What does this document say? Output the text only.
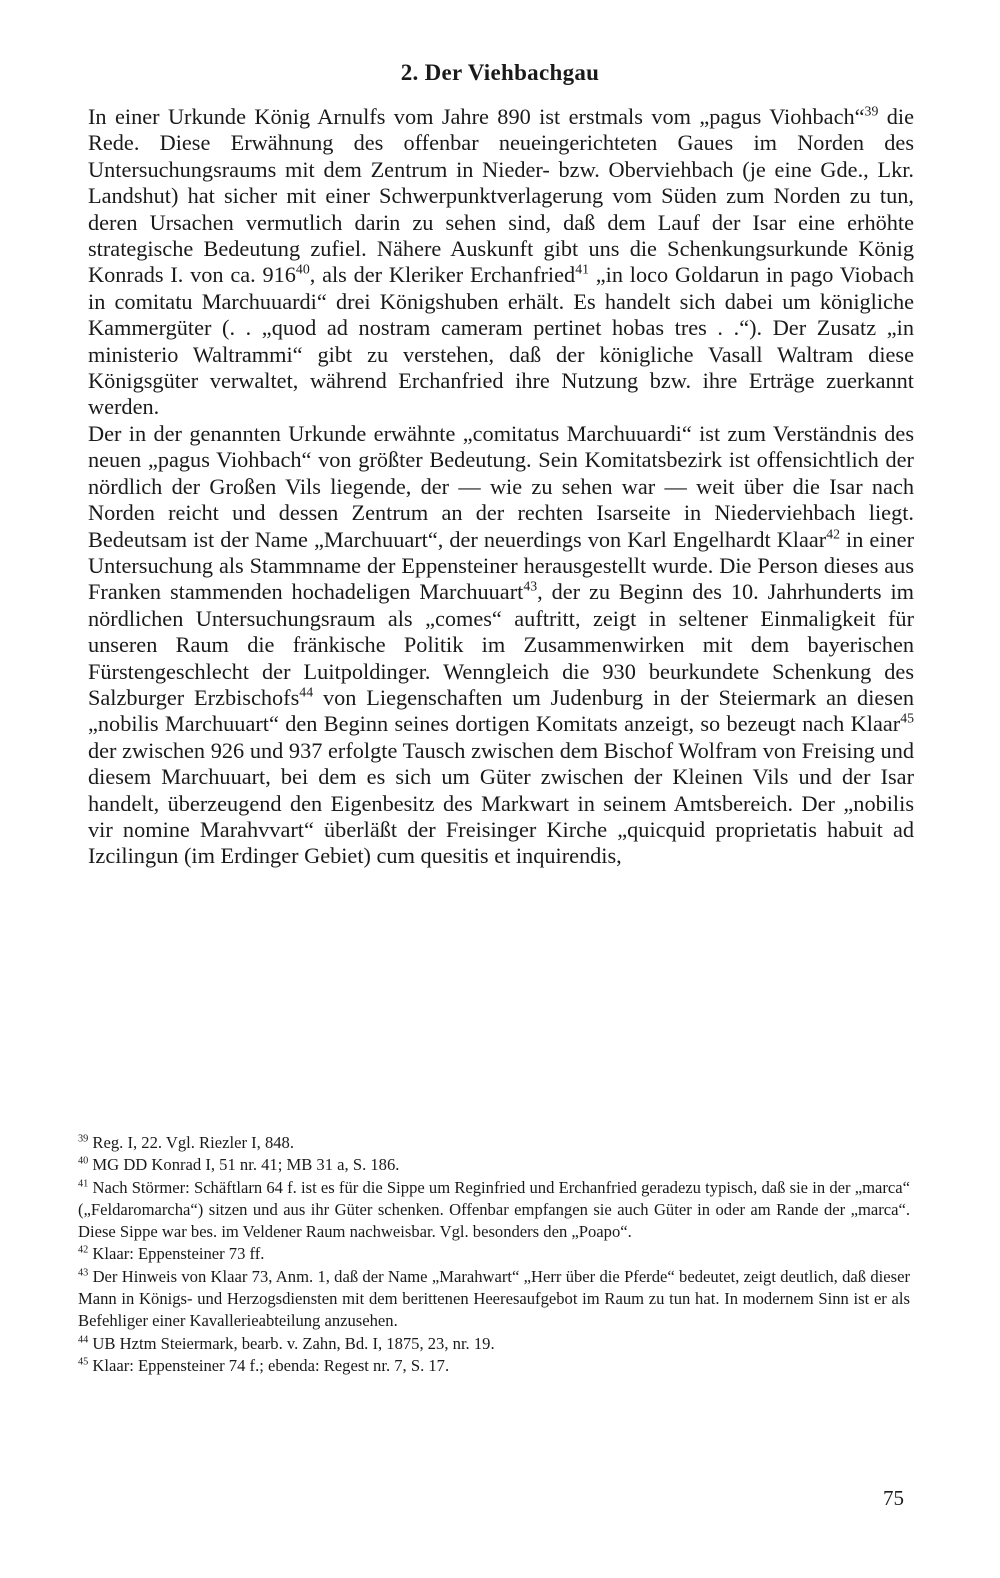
2. Der Viehbachgau

In einer Urkunde König Arnulfs vom Jahre 890 ist erstmals vom „pagus Viohbach“$^{39}$ die Rede. Diese Erwähnung des offenbar neueingerichteten Gaues im Norden des Untersuchungsraums mit dem Zentrum in Nieder- bzw. Oberviehbach (je eine Gde., Lkr. Landshut) hat sicher mit einer Schwerpunktverlagerung vom Süden zum Norden zu tun, deren Ursachen vermutlich darin zu sehen sind, daß dem Lauf der Isar eine erhöhte strategische Bedeutung zufiel. Nähere Auskunft gibt uns die Schenkungsurkunde König Konrads I. von ca. $916^{40}$, als der Kleriker Erchanfried$^{41}$ „in loco Goldarun in pago Viobach in comitatu Marchuuardi“ drei Königshuben erhält. Es handelt sich dabei um königliche Kammergüter (. . „quod ad nostram cameram pertinet hobas tres . .“). Der Zusatz „in ministerio Waltrammi“ gibt zu verstehen, daß der königliche Vasall Waltram diese Königsgüter verwaltet, während Erchanfried ihre Nutzung bzw. ihre Erträge zuerkannt werden.

Der in der genannten Urkunde erwähnte „comitatus Marchuuardi“ ist zum Verständnis des neuen „pagus Viohbach“ von größter Bedeutung. Sein Komitatsbezirk ist offensichtlich der nördlich der Großen Vils liegende, der — wie zu sehen war — weit über die Isar nach Norden reicht und dessen Zentrum an der rechten Isarseite in Niederviehbach liegt. Bedeutsam ist der Name „Marchuuart“, der neuerdings von Karl Engelhardt Klaar$^{42}$ in einer Untersuchung als Stammname der Eppensteiner herausgestellt wurde. Die Person dieses aus Franken stammenden hochadeligen Marchuuart$^{43}$, der zu Beginn des 10. Jahrhunderts im nördlichen Untersuchungsraum als „comes“ auftritt, zeigt in seltener Einmaligkeit für unseren Raum die fränkische Politik im Zusammenwirken mit dem bayerischen Fürstengeschlecht der Luitpoldinger. Wenngleich die 930 beurkundete Schenkung des Salzburger Erzbischofs$^{44}$ von Liegenschaften um Judenburg in der Steiermark an diesen „nobilis Marchuuart“ den Beginn seines dortigen Komitats anzeigt, so bezeugt nach Klaar$^{45}$ der zwischen 926 und 937 erfolgte Tausch zwischen dem Bischof Wolfram von Freising und diesem Marchuuart, bei dem es sich um Güter zwischen der Kleinen Vils und der Isar handelt, überzeugend den Eigenbesitz des Markwart in seinem Amtsbereich. Der „nobilis vir nomine Marahvvart“ überläßt der Freisinger Kirche „quicquid proprietatis habuit ad Izcilingun (im Erdinger Gebiet) cum quesitis et inquirendis,

$^{39}$ Reg. I, 22. Vgl. Riezler I, 848.

$^{40}$ MG DD Konrad I, 51 nr. 41; MB 31 a, S. 186.

$^{41}$ Nach Störmer: Schäftlarn 64 f. ist es für die Sippe um Reginfried und Erchanfried geradezu typisch, daß sie in der „marca“ („Feldaromarcha“) sitzen und aus ihr Güter schenken. Offenbar empfangen sie auch Güter in oder am Rande der „marca“. Diese Sippe war bes. im Veldener Raum nachweisbar. Vgl. besonders den „Poapo“.

$^{42}$ Klaar: Eppensteiner 73 ff.

$^{43}$ Der Hinweis von Klaar 73, Anm. 1, daß der Name „Marahwart“ „Herr über die Pferde“ bedeutet, zeigt deutlich, daß dieser Mann in Königs- und Herzogsdiensten mit dem berittenen Heeresaufgebot im Raum zu tun hat. In modernem Sinn ist er als Befehliger einer Kavallerieabteilung anzusehen.

$^{44}$ UB Hztm Steiermark, bearb. v. Zahn, Bd. I, 1875, 23, nr. 19.

$^{45}$ Klaar: Eppensteiner 74 f.; ebenda: Regest nr. 7, S. 17.

75
